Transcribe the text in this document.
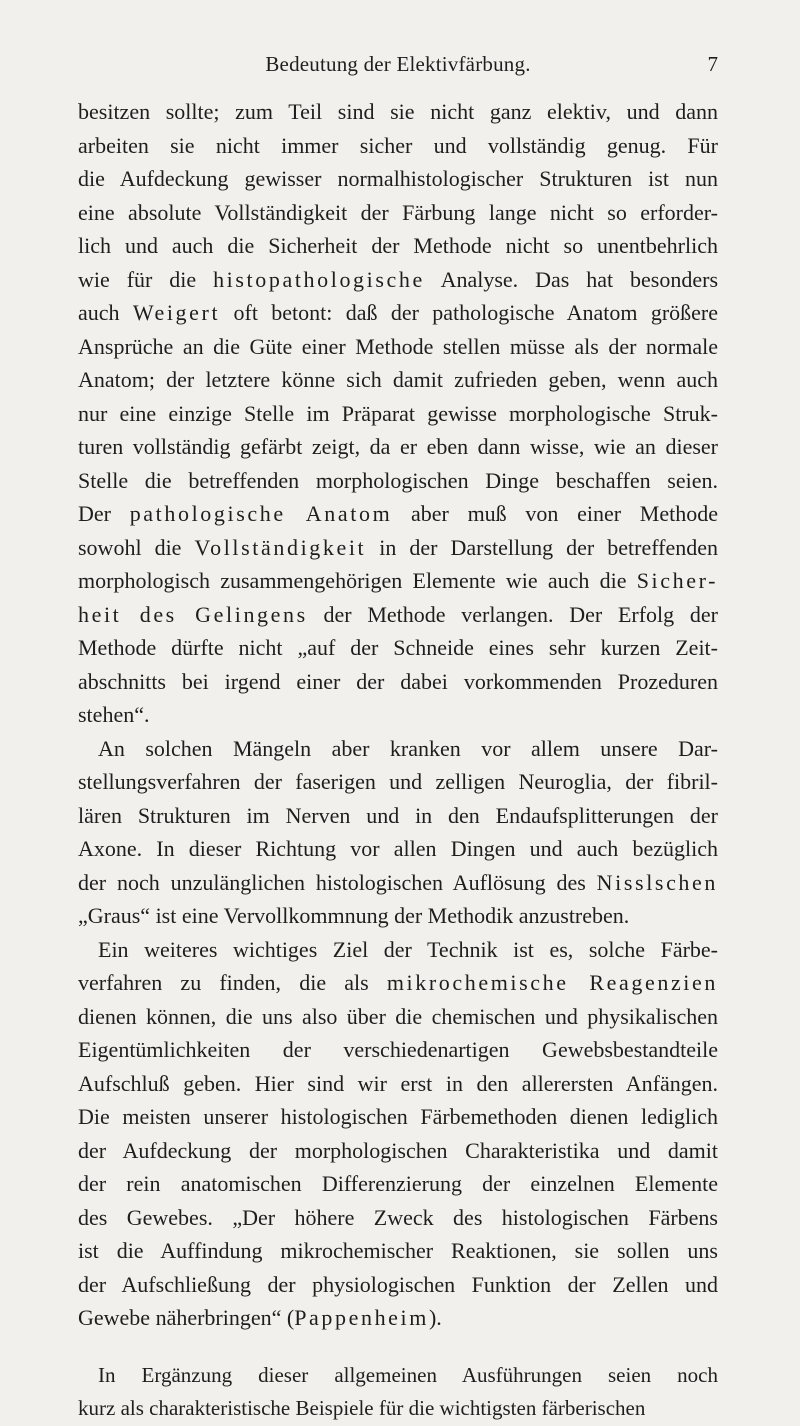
Bedeutung der Elektivfärbung.	7
besitzen sollte; zum Teil sind sie nicht ganz elektiv, und dann
arbeiten sie nicht immer sicher und vollständig genug. Für
die Aufdeckung gewisser normalhistologischer Strukturen ist nun
eine absolute Vollständigkeit der Färbung lange nicht so erforder-
lich und auch die Sicherheit der Methode nicht so unentbehrlich
wie für die histopathologische Analyse. Das hat besonders
auch Weigert oft betont: daß der pathologische Anatom größere
Ansprüche an die Güte einer Methode stellen müsse als der normale
Anatom; der letztere könne sich damit zufrieden geben, wenn auch
nur eine einzige Stelle im Präparat gewisse morphologische Struk-
turen vollständig gefärbt zeigt, da er eben dann wisse, wie an dieser
Stelle die betreffenden morphologischen Dinge beschaffen seien.
Der pathologische Anatom aber muß von einer Methode
sowohl die Vollständigkeit in der Darstellung der betreffenden
morphologisch zusammengehörigen Elemente wie auch die Sicher-
heit des Gelingens der Methode verlangen. Der Erfolg der
Methode dürfte nicht „auf der Schneide eines sehr kurzen Zeit-
abschnitts bei irgend einer der dabei vorkommenden Prozeduren
stehen“.
An solchen Mängeln aber kranken vor allem unsere Dar-
stellungsverfahren der faserigen und zelligen Neuroglia, der fibril-
lären Strukturen im Nerven und in den Endaufsplitterungen der
Axone. In dieser Richtung vor allen Dingen und auch bezüglich
der noch unzulänglichen histologischen Auflösung des Nisslschen
„Graus“ ist eine Vervollkommnung der Methodik anzustreben.
Ein weiteres wichtiges Ziel der Technik ist es, solche Färbe-
verfahren zu finden, die als mikrochemische Reagenzien
dienen können, die uns also über die chemischen und physikalischen
Eigentümlichkeiten der verschiedenartigen Gewebsbestandteile
Aufschluß geben. Hier sind wir erst in den allerersten Anfängen.
Die meisten unserer histologischen Färbemethoden dienen lediglich
der Aufdeckung der morphologischen Charakteristika und damit
der rein anatomischen Differenzierung der einzelnen Elemente
des Gewebes. „Der höhere Zweck des histologischen Färbens
ist die Auffindung mikrochemischer Reaktionen, sie sollen uns
der Aufschließung der physiologischen Funktion der Zellen und
Gewebe näherbringen“ (Pappenheim).
In Ergänzung dieser allgemeinen Ausführungen seien noch
kurz als charakteristische Beispiele für die wichtigsten färberischen
